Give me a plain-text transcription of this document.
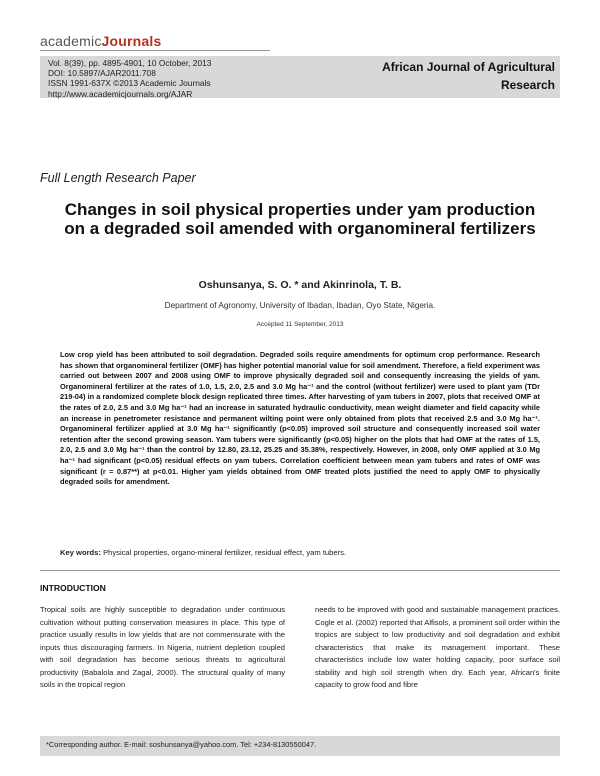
academicJournals
Vol. 8(39), pp. 4895-4901, 10 October, 2013
DOI: 10.5897/AJAR2011.708
ISSN 1991-637X ©2013 Academic Journals
http://www.academicjournals.org/AJAR
African Journal of Agricultural
Research
Full Length Research Paper
Changes in soil physical properties under yam production on a degraded soil amended with organomineral fertilizers
Oshunsanya, S. O. * and Akinrinola, T. B.
Department of Agronomy, University of Ibadan, Ibadan, Oyo State, Nigeria.
Accepted 11 September, 2013
Low crop yield has been attributed to soil degradation. Degraded soils require amendments for optimum crop performance. Research has shown that organomineral fertilizer (OMF) has higher potential manorial value for soil amendment. Therefore, a field experiment was carried out between 2007 and 2008 using OMF to improve physically degraded soil and consequently increasing the yields of yam. Organomineral fertilizer at the rates of 1.0, 1.5, 2.0, 2.5 and 3.0 Mg ha⁻¹ and the control (without fertilizer) were used to plant yam (TDr 219-04) in a randomized complete block design replicated three times. After harvesting of yam tubers in 2007, plots that received OMF at the rates of 2.0, 2.5 and 3.0 Mg ha⁻¹ had an increase in saturated hydraulic conductivity, mean weight diameter and field capacity while an increase in penetrometer resistance and permanent wilting point were only obtained from plots that received 2.5 and 3.0 Mg ha⁻¹. Organomineral fertilizer applied at 3.0 Mg ha⁻¹ significantly (p<0.05) improved soil structure and consequently increased soil water retention after the second growing season. Yam tubers were significantly (p<0.05) higher on the plots that had OMF at the rates of 1.5, 2.0, 2.5 and 3.0 Mg ha⁻¹ than the control by 12.80, 23.12, 25.25 and 35.38%, respectively. However, in 2008, only OMF applied at 3.0 Mg ha⁻¹ had significant (p<0.05) residual effects on yam tubers. Correlation coefficient between mean yam tubers and rates of OMF was significant (r = 0.87**) at p<0.01. Higher yam yields obtained from OMF treated plots justified the need to apply OMF to physically degraded soils for amendment.
Key words: Physical properties, organo-mineral fertilizer, residual effect, yam tubers.
INTRODUCTION
Tropical soils are highly susceptible to degradation under continuous cultivation without putting conservation measures in place. This type of practice usually results in low yields that are not commensurate with the inputs thus discouraging farmers. In Nigeria, nutrient depletion coupled with soil degradation has become serious threats to agricultural productivity (Babalola and Zagal, 2000). The structural quality of many soils in the tropical region
needs to be improved with good and sustainable management practices. Cogle et al. (2002) reported that Alfisols, a prominent soil order within the tropics are subject to low productivity and soil degradation and exhibit characteristics that make its management important. These characteristics include low water holding capacity, poor surface soil stability and high soil strength when dry. Each year, African's finite capacity to grow food and fibre
*Corresponding author. E-mail: soshunsanya@yahoo.com. Tel: +234-8130550047.
